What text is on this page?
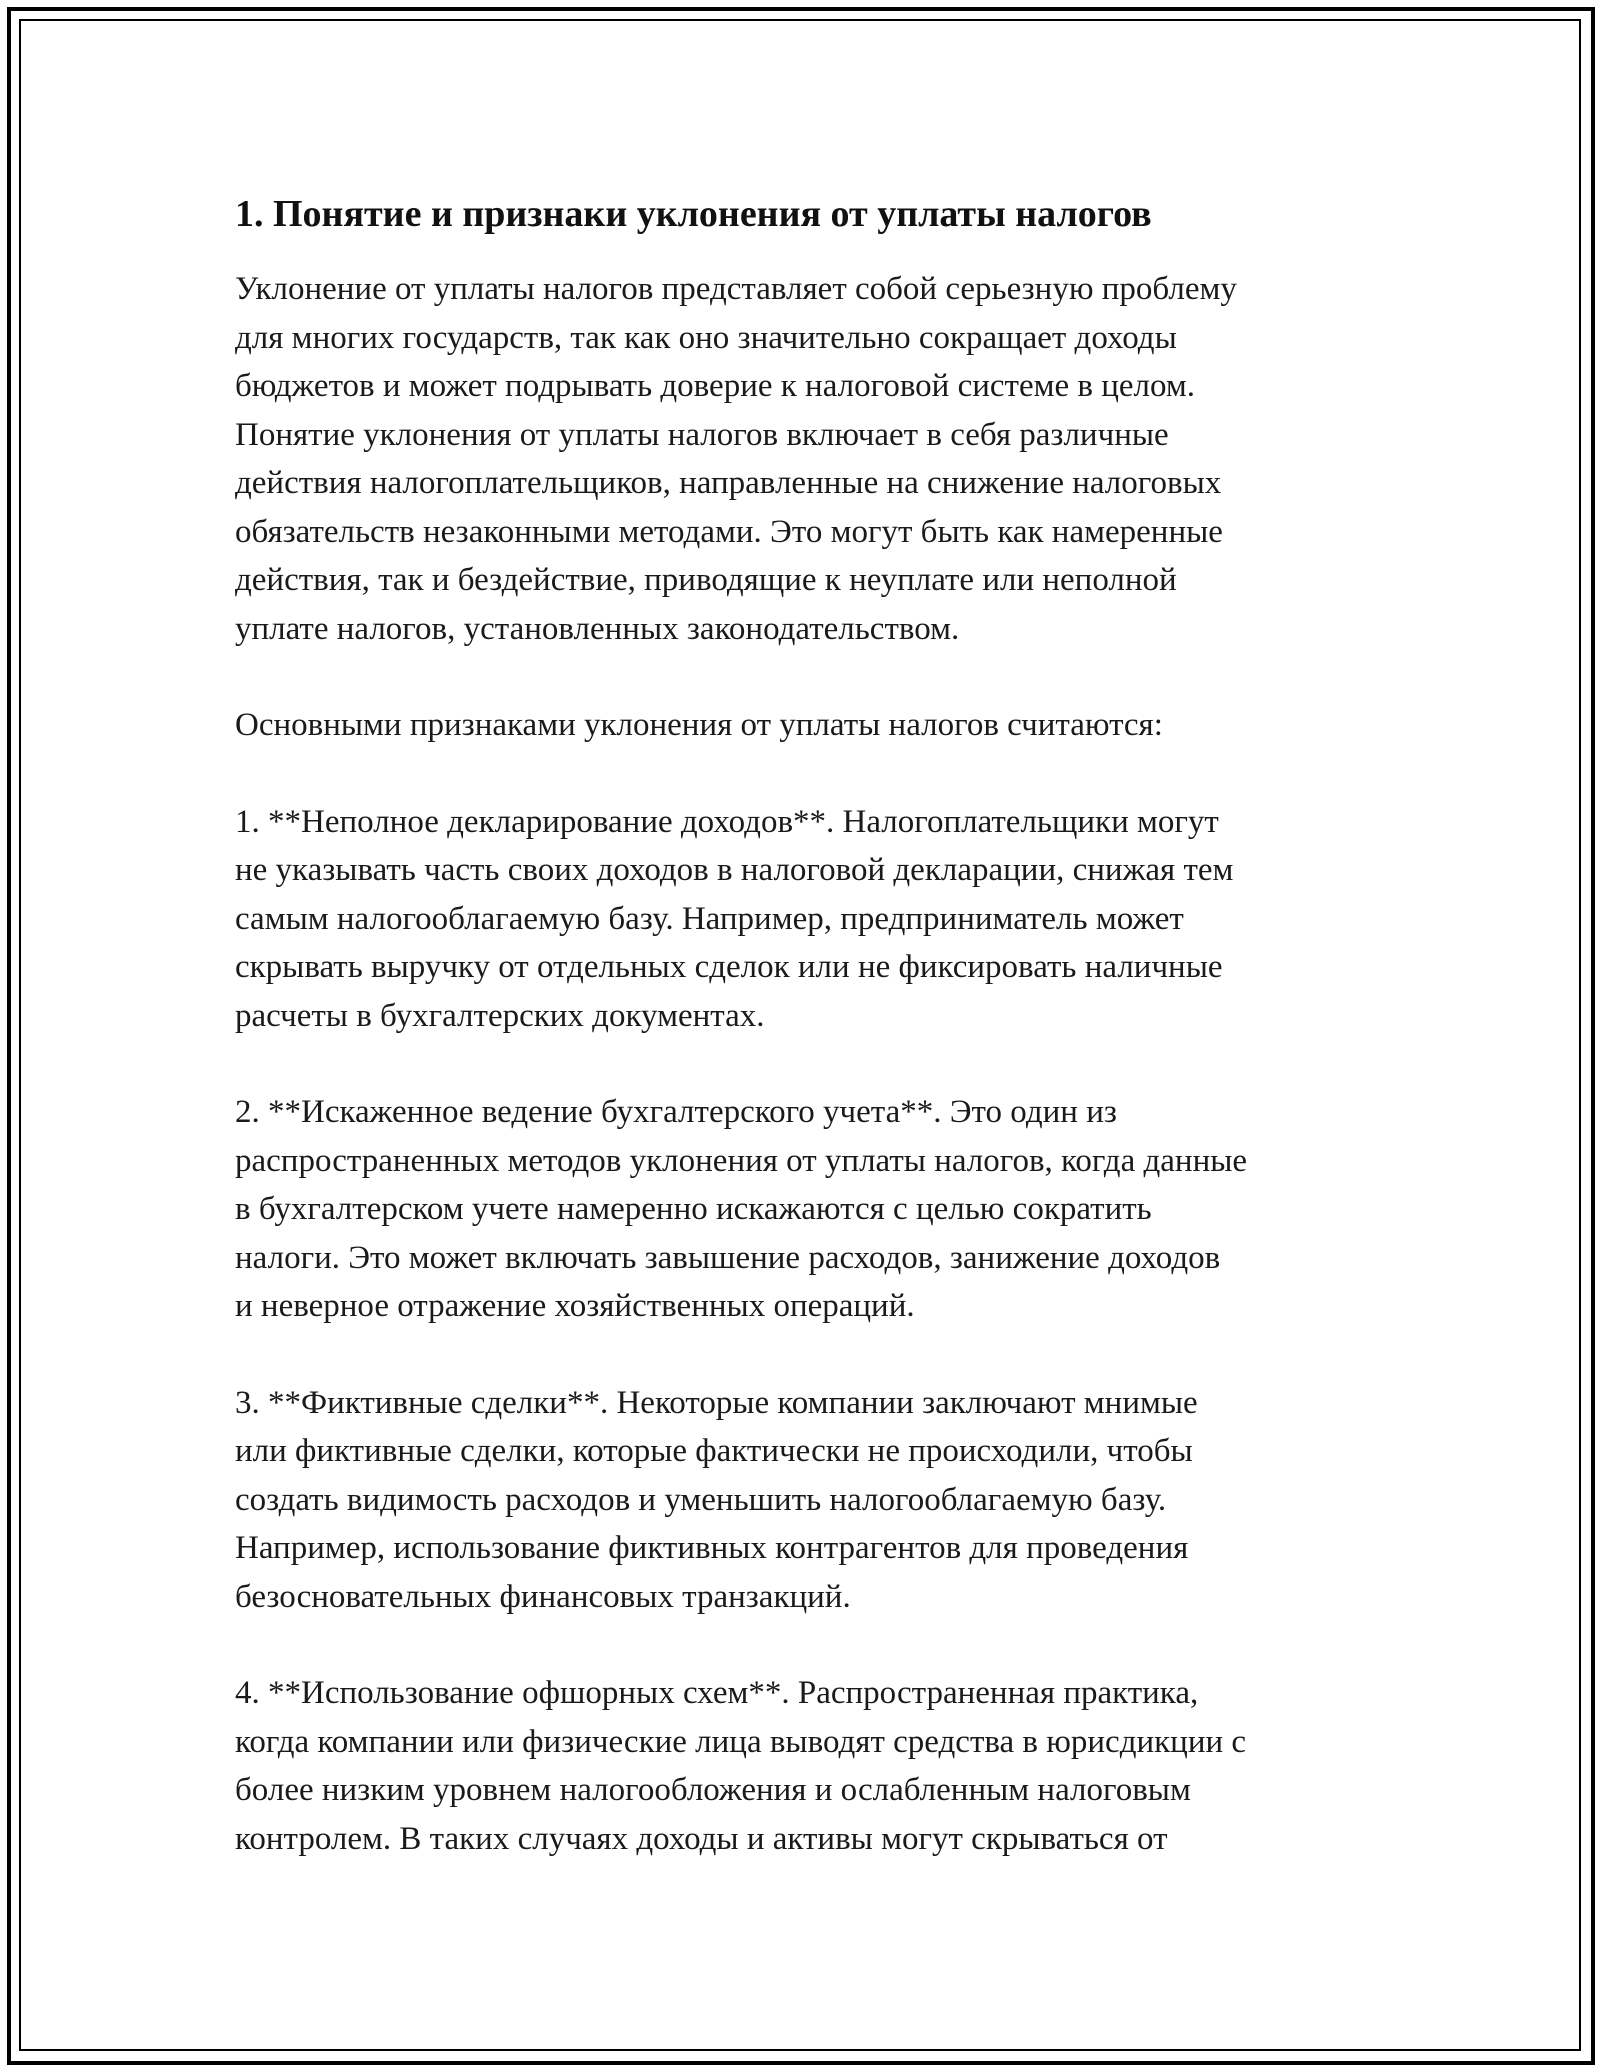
1. Понятие и признаки уклонения от уплаты налогов

Уклонение от уплаты налогов представляет собой серьезную проблему
для многих государств, так как оно значительно сокращает доходы
бюджетов и может подрывать доверие к налоговой системе в целом.
Понятие уклонения от уплаты налогов включает в себя различные
действия налогоплательщиков, направленные на снижение налоговых
обязательств незаконными методами. Это могут быть как намеренные
действия, так и бездействие, приводящие к неуплате или неполной
уплате налогов, установленных законодательством.

Основными признаками уклонения от уплаты налогов считаются:

1. **Неполное декларирование доходов**. Налогоплательщики могут
не указывать часть своих доходов в налоговой декларации, снижая тем
самым налогооблагаемую базу. Например, предприниматель может
скрывать выручку от отдельных сделок или не фиксировать наличные
расчеты в бухгалтерских документах.

2. **Искаженное ведение бухгалтерского учета**. Это один из
распространенных методов уклонения от уплаты налогов, когда данные
в бухгалтерском учете намеренно искажаются с целью сократить
налоги. Это может включать завышение расходов, занижение доходов
и неверное отражение хозяйственных операций.

3. **Фиктивные сделки**. Некоторые компании заключают мнимые
или фиктивные сделки, которые фактически не происходили, чтобы
создать видимость расходов и уменьшить налогооблагаемую базу.
Например, использование фиктивных контрагентов для проведения
безосновательных финансовых транзакций.

4. **Использование офшорных схем**. Распространенная практика,
когда компании или физические лица выводят средства в юрисдикции с
более низким уровнем налогообложения и ослабленным налоговым
контролем. В таких случаях доходы и активы могут скрываться от
